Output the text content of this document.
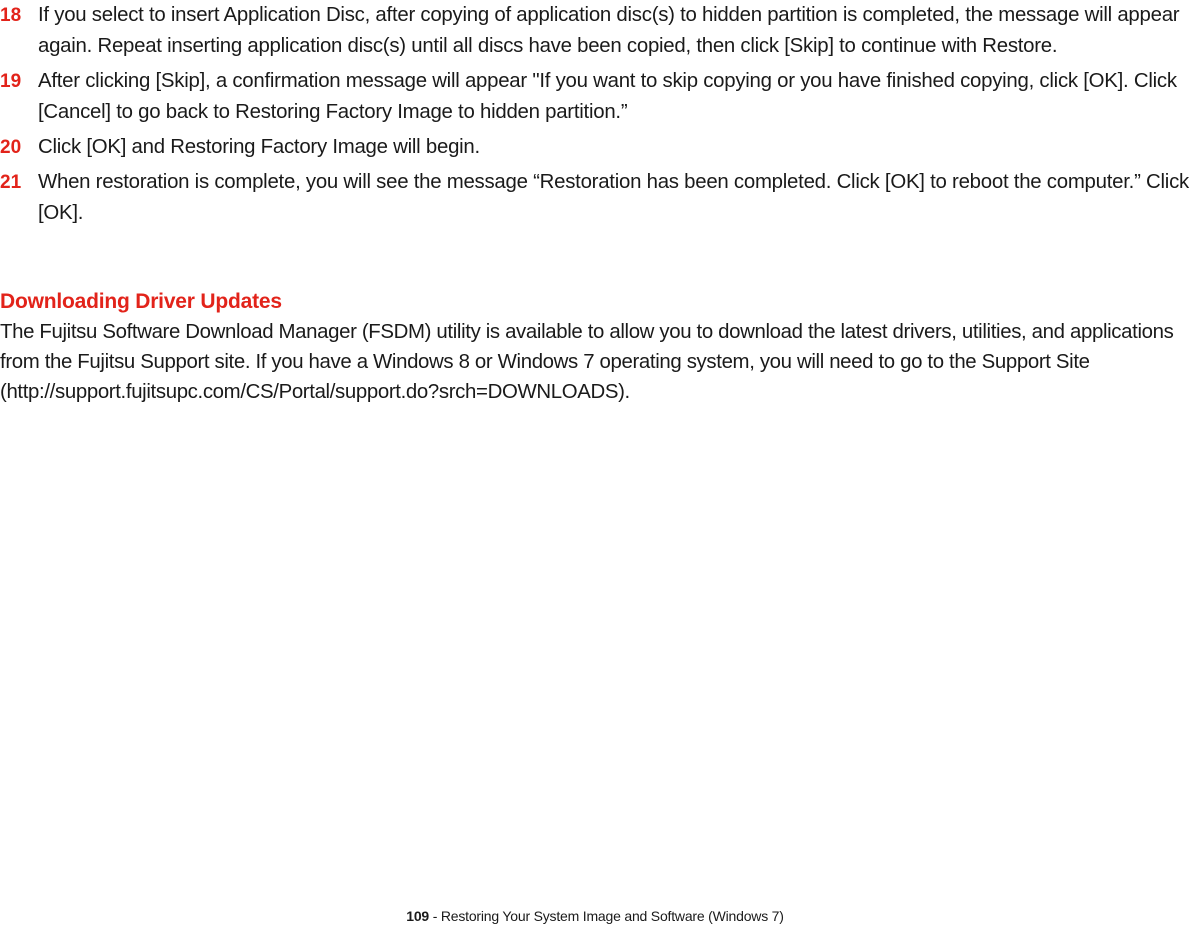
18 If you select to insert Application Disc, after copying of application disc(s) to hidden partition is completed, the message will appear again. Repeat inserting application disc(s) until all discs have been copied, then click [Skip] to continue with Restore.
19 After clicking [Skip], a confirmation message will appear "If you want to skip copying or you have finished copying, click [OK]. Click [Cancel] to go back to Restoring Factory Image to hidden partition.”
20 Click [OK] and Restoring Factory Image will begin.
21 When restoration is complete, you will see the message “Restoration has been completed. Click [OK] to reboot the computer.” Click [OK].
Downloading Driver Updates

The Fujitsu Software Download Manager (FSDM) utility is available to allow you to download the latest drivers, utilities, and applications from the Fujitsu Support site. If you have a Windows 8 or Windows 7 operating system, you will need to go to the Support Site (http://support.fujitsupc.com/CS/Portal/support.do?srch=DOWNLOADS).

109 - Restoring Your System Image and Software (Windows 7)
